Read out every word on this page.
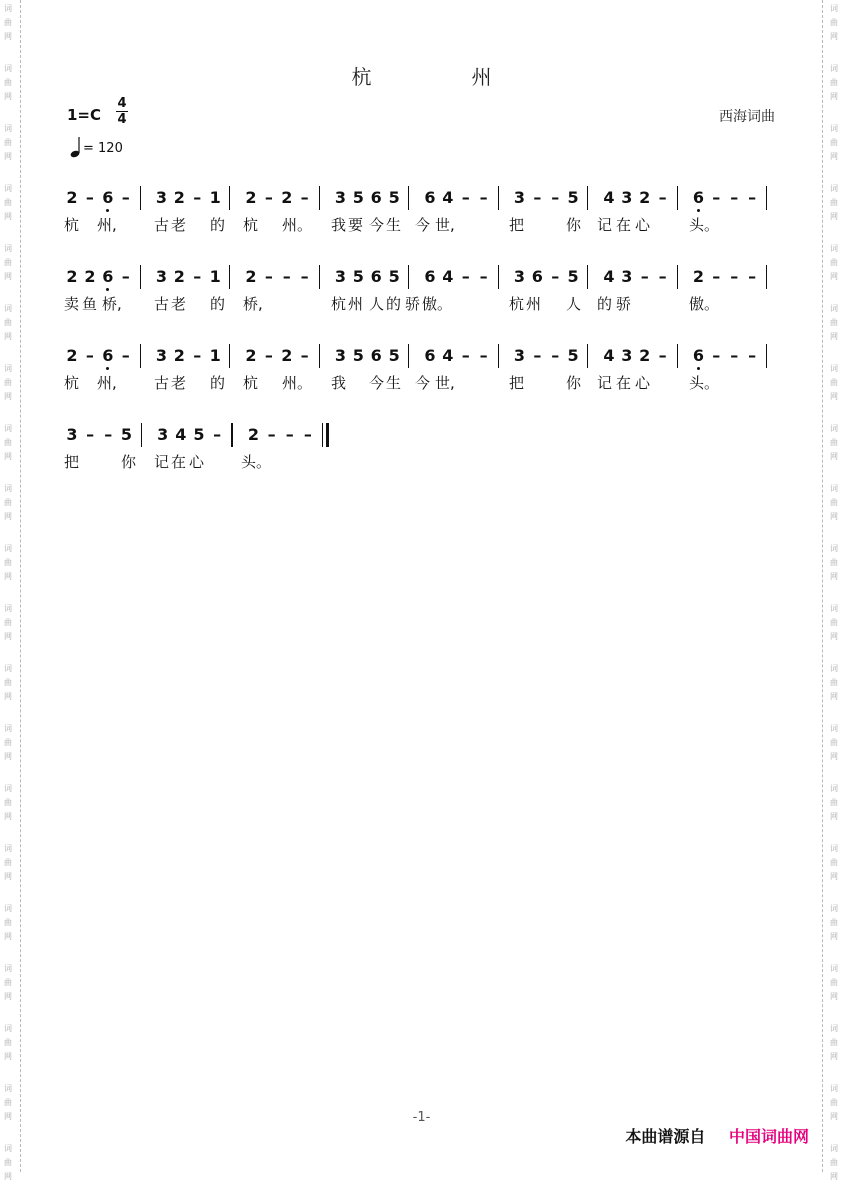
词
曲
网
词
曲
网
词
曲
网
词
曲
网
词
曲
网
词
曲
网
词
曲
网
词
曲
网
词
曲
网
词
曲
网
词
曲
网
词
曲
网
词
曲
网
词
曲
网
词
曲
网
词
曲
网
词
曲
网
词
曲
网
词
曲
网
词
曲
网
词
曲
网
词
曲
网
词
曲
网
词
曲
网
词
曲
网
词
曲
网
词
曲
网
词
曲
网
词
曲
网
词
曲
网
词
曲
网
词
曲
网
词
曲
网
词
曲
网
词
曲
网
词
曲
网
词
曲
网
词
曲
网
词
曲
网
词
曲
网
杭　州
1=C
4
4	西海词曲
= 120
2 – 6 –	3 2 – 1 2 – 2 –	3 5 6 5 6 4 – –	3 – – 5 4 3 2 –	6 – – –
杭 州, 古 老 的 杭 州。 我 要 今 生 今 世,	把	你 记 在 心	头。
2 2 6 –	3 2 – 1 2 – – –	3 5 6 5 6 4 – –	3 6 – 5 4 3 – –	2 – – –
卖 鱼 桥, 古 老 的 桥,	杭 州 人 的 骄 傲。	杭 州 人 的 骄	傲。
2 – 6 –	3 2 – 1 2 – 2 –	3 5 6 5 6 4 – –	3 – – 5 4 3 2 –	6 – – –
杭 州, 古 老 的 杭 州。 我 今 生 今 世,	把	你 记 在 心	头。
3 – – 5 3 4 5 –	2 – – –
把	你 记 在 心 头。
-1-
本曲谱源自 中国词曲网
